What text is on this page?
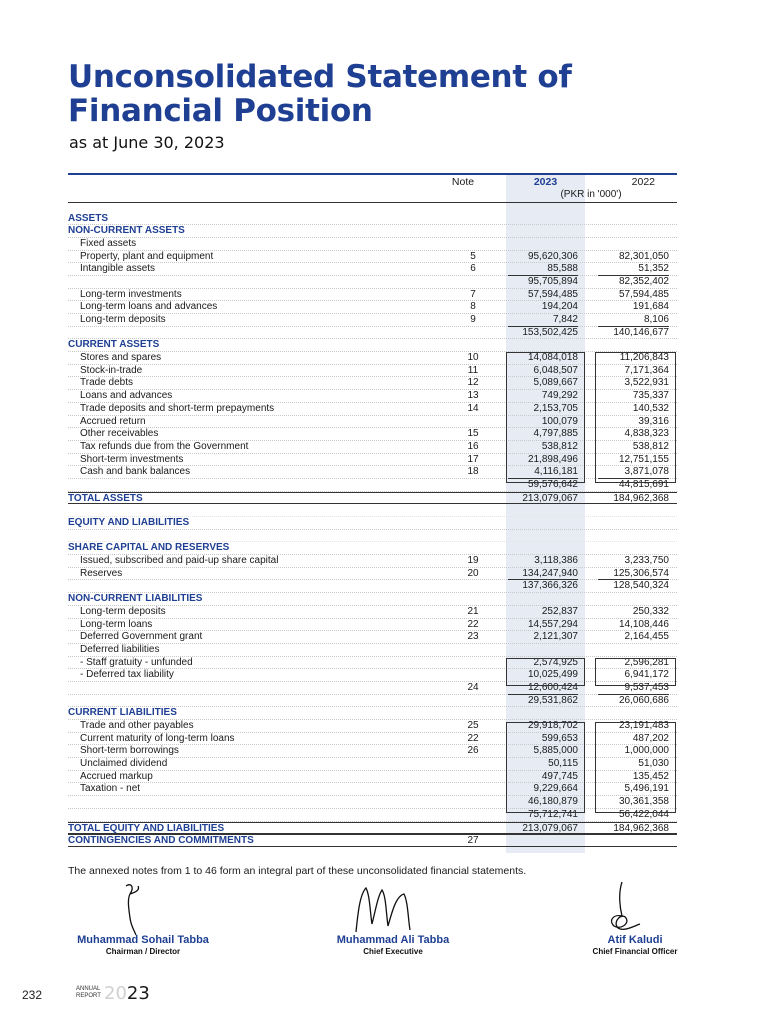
Unconsolidated Statement of
Financial Position
as at June 30, 2023
Note	2023	2022
(PKR in '000')
ASSETS
NON-CURRENT ASSETS
Fixed assets
Property, plant and equipment	5	95,620,306	82,301,050
Intangible assets	6	85,588	51,352
95,705,894	82,352,402
Long-term investments	7	57,594,485	57,594,485
Long-term loans and advances	8	194,204	191,684
Long-term deposits	9	7,842	8,106
153,502,425	140,146,677
CURRENT ASSETS
Stores and spares	10	14,084,018	11,206,843
Stock-in-trade	11	6,048,507	7,171,364
Trade debts	12	5,089,667	3,522,931
Loans and advances	13	749,292	735,337
Trade deposits and short-term prepayments	14	2,153,705	140,532
Accrued return	100,079	39,316
Other receivables	15	4,797,885	4,838,323
Tax refunds due from the Government	16	538,812	538,812
Short-term investments	17	21,898,496	12,751,155
Cash and bank balances	18	4,116,181	3,871,078
59,576,642	44,815,691
TOTAL ASSETS	213,079,067	184,962,368
EQUITY AND LIABILITIES
SHARE CAPITAL AND RESERVES
Issued, subscribed and paid-up share capital	19	3,118,386	3,233,750
Reserves	20	134,247,940	125,306,574
137,366,326	128,540,324
NON-CURRENT LIABILITIES
Long-term deposits	21	252,837	250,332
Long-term loans	22	14,557,294	14,108,446
Deferred Government grant	23	2,121,307	2,164,455
Deferred liabilities
- Staff gratuity - unfunded	2,574,925	2,596,281
- Deferred tax liability	10,025,499	6,941,172
24	12,600,424	9,537,453
29,531,862	26,060,686
CURRENT LIABILITIES
Trade and other payables	25	29,918,702	23,191,483
Current maturity of long-term loans	22	599,653	487,202
Short-term borrowings	26	5,885,000	1,000,000
Unclaimed dividend	50,115	51,030
Accrued markup	497,745	135,452
Taxation - net	9,229,664	5,496,191
46,180,879	30,361,358
75,712,741	56,422,044
TOTAL EQUITY AND LIABILITIES	213,079,067	184,962,368
CONTINGENCIES AND COMMITMENTS	27
The annexed notes from 1 to 46 form an integral part of these unconsolidated financial statements.
Muhammad Sohail Tabba
Chairman / Director
Muhammad Ali Tabba
Chief Executive
Atif Kaludi
Chief Financial Officer
232	ANNUAL
REPORT 2023
